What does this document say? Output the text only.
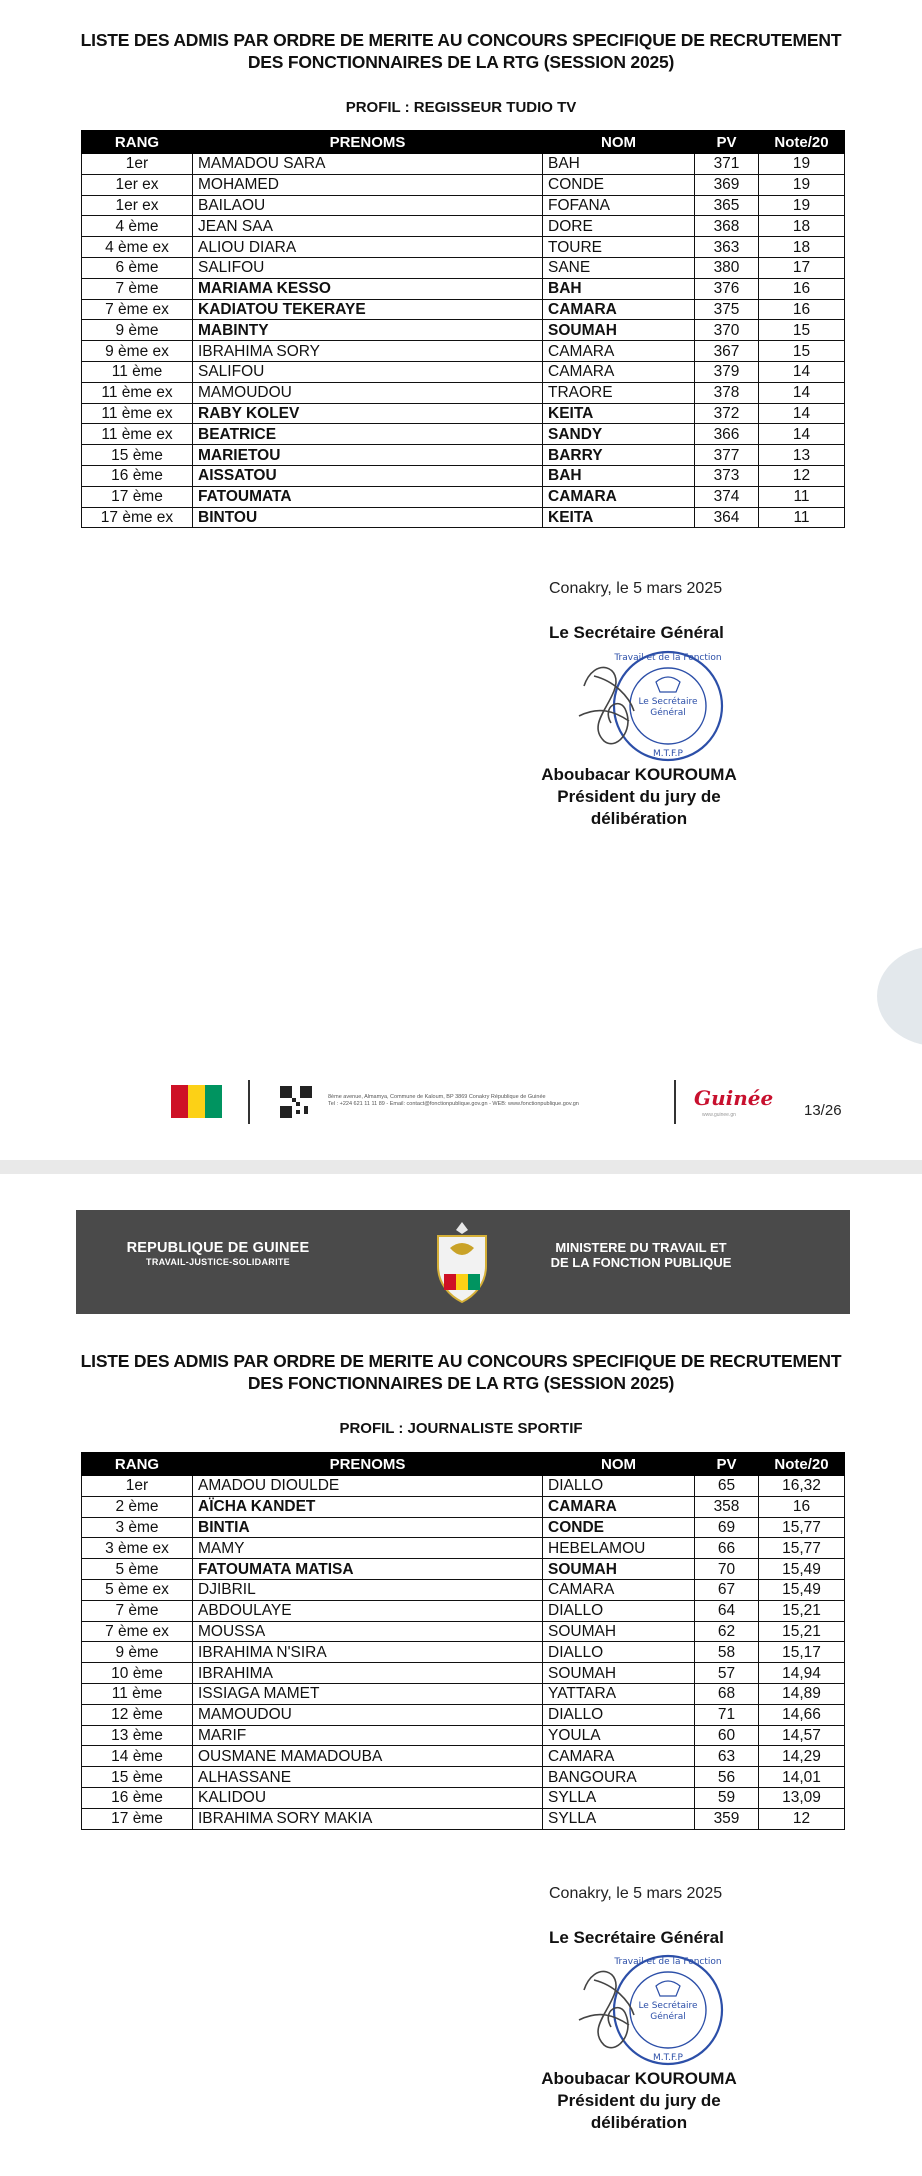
LISTE DES ADMIS PAR ORDRE DE MERITE AU CONCOURS SPECIFIQUE DE RECRUTEMENT
DES FONCTIONNAIRES DE LA RTG (SESSION 2025)
PROFIL : REGISSEUR TUDIO TV
RANG	PRENOMS	NOM	PV	Note/20
1er	MAMADOU SARA	BAH	371	19
1er ex	MOHAMED	CONDE	369	19
1er ex	BAILAOU	FOFANA	365	19
4 ème	JEAN SAA	DORE	368	18
4 ème ex	ALIOU DIARA	TOURE	363	18
6 ème	SALIFOU	SANE	380	17
7 ème	MARIAMA KESSO	BAH	376	16
7 ème ex	KADIATOU TEKERAYE	CAMARA	375	16
9 ème	MABINTY	SOUMAH	370	15
9 ème ex	IBRAHIMA SORY	CAMARA	367	15
11 ème	SALIFOU	CAMARA	379	14
11 ème ex	MAMOUDOU	TRAORE	378	14
11 ème ex	RABY KOLEV	KEITA	372	14
11 ème ex	BEATRICE	SANDY	366	14
15 ème	MARIETOU	BARRY	377	13
16 ème	AISSATOU	BAH	373	12
17 ème	FATOUMATA	CAMARA	374	11
17 ème ex	BINTOU	KEITA	364	11
Conakry, le 5 mars 2025
Le Secrétaire Général
Travail et de la Fonction
Le Secrétaire
Général
M.T.F.P
Aboubacar KOUROUMA
Président du jury de
délibération
8ème avenue, Almamya, Commune de Kaloum, BP 3869 Conakry République de Guinée
Tel : +224 621 11 11 89 - Email: contact@fonctionpublique.gov.gn - WEB: www.fonctionpublique.gov.gn	Guinée
www.guinee.gn	13/26
REPUBLIQUE DE GUINEE
TRAVAIL-JUSTICE-SOLIDARITE
MINISTERE DU TRAVAIL ET
DE LA FONCTION PUBLIQUE
LISTE DES ADMIS PAR ORDRE DE MERITE AU CONCOURS SPECIFIQUE DE RECRUTEMENT
DES FONCTIONNAIRES DE LA RTG (SESSION 2025)
PROFIL : JOURNALISTE SPORTIF
RANG	PRENOMS	NOM	PV	Note/20
1er	AMADOU DIOULDE	DIALLO	65	16,32
2 ème	AÏCHA KANDET	CAMARA	358	16
3 ème	BINTIA	CONDE	69	15,77
3 ème ex	MAMY	HEBELAMOU	66	15,77
5 ème	FATOUMATA MATISA	SOUMAH	70	15,49
5 ème ex	DJIBRIL	CAMARA	67	15,49
7 ème	ABDOULAYE	DIALLO	64	15,21
7 ème ex	MOUSSA	SOUMAH	62	15,21
9 ème	IBRAHIMA N'SIRA	DIALLO	58	15,17
10 ème	IBRAHIMA	SOUMAH	57	14,94
11 ème	ISSIAGA MAMET	YATTARA	68	14,89
12 ème	MAMOUDOU	DIALLO	71	14,66
13 ème	MARIF	YOULA	60	14,57
14 ème	OUSMANE MAMADOUBA	CAMARA	63	14,29
15 ème	ALHASSANE	BANGOURA	56	14,01
16 ème	KALIDOU	SYLLA	59	13,09
17 ème	IBRAHIMA SORY MAKIA	SYLLA	359	12
Conakry, le 5 mars 2025
Le Secrétaire Général
Travail et de la Fonction
Le Secrétaire
Général
M.T.F.P
Aboubacar KOUROUMA
Président du jury de
délibération
